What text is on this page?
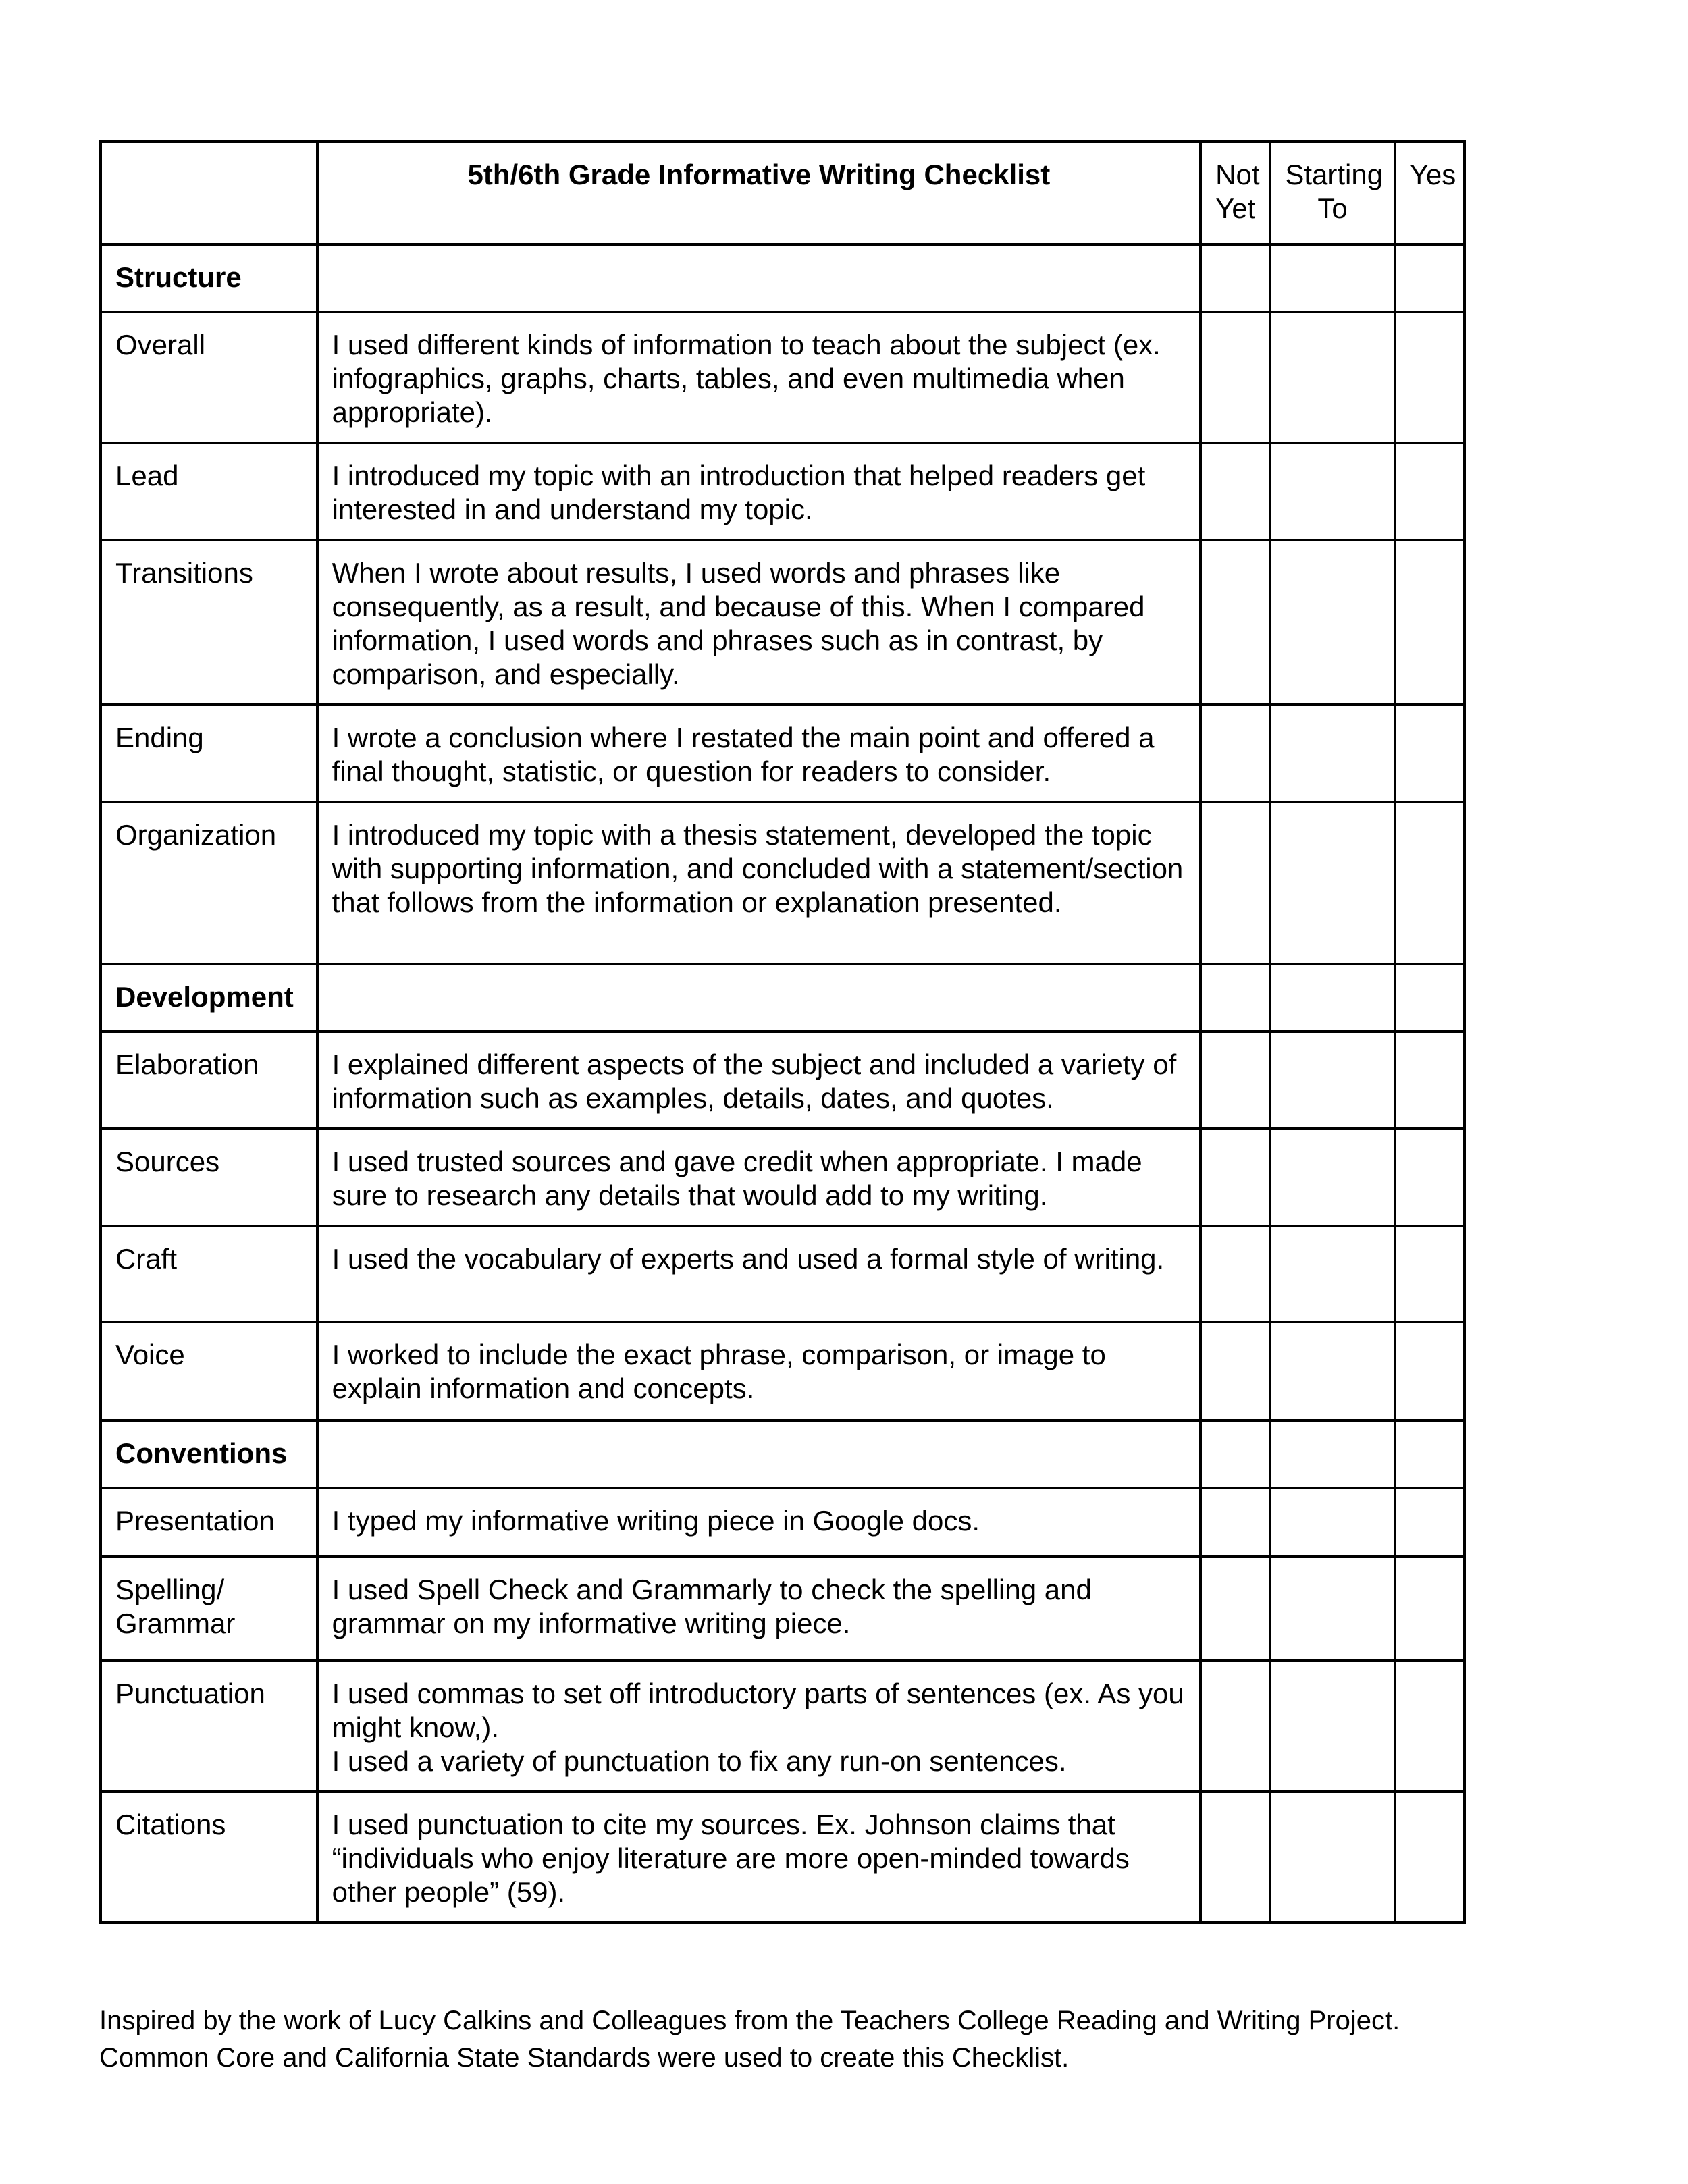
	5th/6th Grade Informative Writing Checklist	Not Yet	Starting To	Yes
Structure				
Overall	I used different kinds of information to teach about the subject (ex. infographics, graphs, charts, tables, and even multimedia when appropriate).			
Lead	I introduced my topic with an introduction that helped readers get interested in and understand my topic.			
Transitions	When I wrote about results, I used words and phrases like consequently, as a result, and because of this. When I compared information, I used words and phrases such as in contrast, by comparison, and especially.			
Ending	I wrote a conclusion where I restated the main point and offered a final thought, statistic, or question for readers to consider.			
Organization	I introduced my topic with a thesis statement, developed the topic with supporting information, and concluded with a statement/section that follows from the information or explanation presented.			
Development				
Elaboration	I explained different aspects of the subject and included a variety of information such as examples, details, dates, and quotes.			
Sources	I used trusted sources and gave credit when appropriate. I made sure to research any details that would add to my writing.			
Craft	I used the vocabulary of experts and used a formal style of writing.			
Voice	I worked to include the exact phrase, comparison, or image to explain information and concepts.			
Conventions				
Presentation	I typed my informative writing piece in Google docs.			
Spelling/ Grammar	I used Spell Check and Grammarly to check the spelling and grammar on my informative writing piece.			
Punctuation	I used commas to set off introductory parts of sentences (ex. As you might know,).
I used a variety of punctuation to fix any run-on sentences.			

Citations	I used punctuation to cite my sources. Ex. Johnson claims that “individuals who enjoy literature are more open-minded towards other people” (59).			
Inspired by the work of Lucy Calkins and Colleagues from the Teachers College Reading and Writing Project.
Common Core and California State Standards were used to create this Checklist.
